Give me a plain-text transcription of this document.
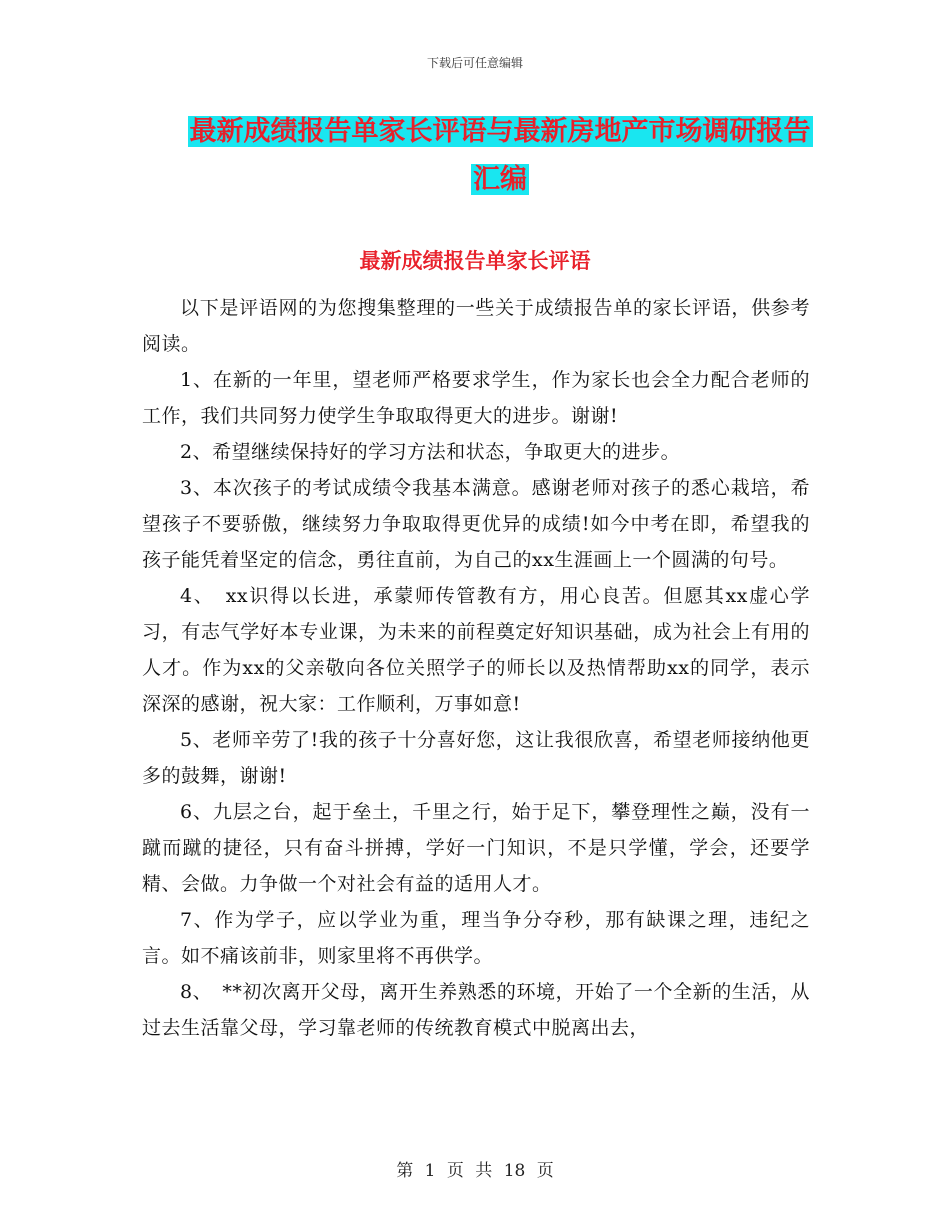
下载后可任意编辑
最新成绩报告单家长评语与最新房地产市场调研报告
汇编
最新成绩报告单家长评语

以下是评语网的为您搜集整理的一些关于成绩报告单的家长评语，供参考阅读。

1、在新的一年里，望老师严格要求学生，作为家长也会全力配合老师的工作，我们共同努力使学生争取取得更大的进步。谢谢!

2、希望继续保持好的学习方法和状态，争取更大的进步。

3、本次孩子的考试成绩令我基本满意。感谢老师对孩子的悉心栽培，希望孩子不要骄傲，继续努力争取取得更优异的成绩!如今中考在即，希望我的孩子能凭着坚定的信念，勇往直前，为自己的xx生涯画上一个圆满的句号。

4、　xx识得以长进，承蒙师传管教有方，用心良苦。但愿其xx虚心学习，有志气学好本专业课，为未来的前程奠定好知识基础，成为社会上有用的人才。作为xx的父亲敬向各位关照学子的师长以及热情帮助xx的同学，表示深深的感谢，祝大家：工作顺利，万事如意!

5、老师辛劳了!我的孩子十分喜好您，这让我很欣喜，希望老师接纳他更多的鼓舞，谢谢!

6、九层之台，起于垒土，千里之行，始于足下，攀登理性之巅，没有一蹴而蹴的捷径，只有奋斗拼搏，学好一门知识，不是只学懂，学会，还要学精、会做。力争做一个对社会有益的适用人才。

7、作为学子，应以学业为重，理当争分夺秒，那有缺课之理，违纪之言。如不痛该前非，则家里将不再供学。

8、　**初次离开父母，离开生养熟悉的环境，开始了一个全新的生活，从过去生活靠父母，学习靠老师的传统教育模式中脱离出去，

第 1 页 共 18 页
